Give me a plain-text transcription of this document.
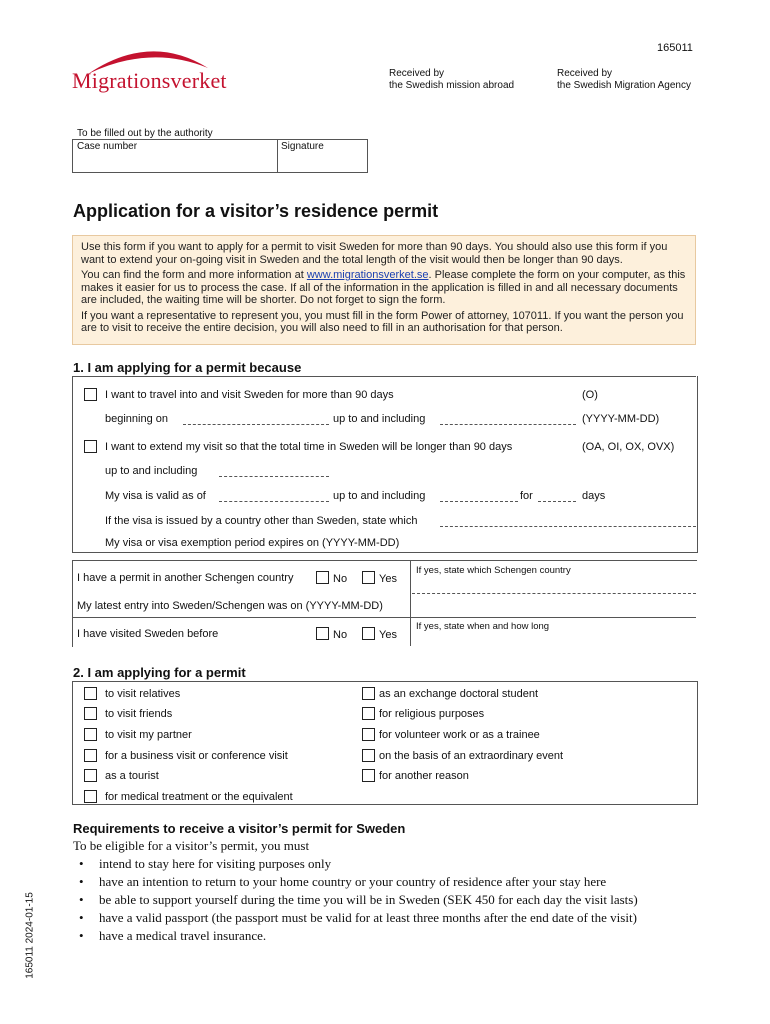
Migrationsverket
165011
Received by
the Swedish mission abroad
Received by
the Swedish Migration Agency
To be filled out by the authority
Case number	Signature
Application for a visitor’s residence permit

Use this form if you want to apply for a permit to visit Sweden for more than 90 days. You should also use this form if you want to extend your on-going visit in Sweden and the total length of the visit would then be longer than 90 days.

You can find the form and more information at www.migrationsverket.se. Please complete the form on your computer, as this makes it easier for us to process the case. If all of the information in the application is filled in and all necessary documents are included, the waiting time will be shorter. Do not forget to sign the form.

If you want a representative to represent you, you must fill in the form Power of attorney, 107011. If you want the person you are to visit to receive the entire decision, you will also need to fill in an authorisation for that person.

1. I am applying for a permit because
I want to travel into and visit Sweden for more than 90 days	(O)
beginning on	up to and including	(YYYY-MM-DD)
I want to extend my visit so that the total time in Sweden will be longer than 90 days	(OA, OI, OX, OVX)
up to and including
My visa is valid as of	up to and including	for	days
If the visa is issued by a country other than Sweden, state which
My visa or visa exemption period expires on (YYYY-MM-DD)
I have a permit in another Schengen country	No	Yes
If yes, state which Schengen country
My latest entry into Sweden/Schengen was on (YYYY-MM-DD)
I have visited Sweden before	No	Yes
If yes, state when and how long
2. I am applying for a permit
Requirements to receive a visitor’s permit for Sweden
To be eligible for a visitor’s permit, you must
• intend to stay here for visiting purposes only
• have an intention to return to your home country or your country of residence after your stay here
• be able to support yourself during the time you will be in Sweden (SEK 450 for each day the visit lasts)
• have a valid passport (the passport must be valid for at least three months after the end date of the visit)
• have a medical travel insurance.
165011 2024-01-15
to visit relatives
to visit friends
to visit my partner
for a business visit or conference visit
as a tourist
for medical treatment or the equivalent
as an exchange doctoral student
for religious purposes
for volunteer work or as a trainee
on the basis of an extraordinary event
for another reason
